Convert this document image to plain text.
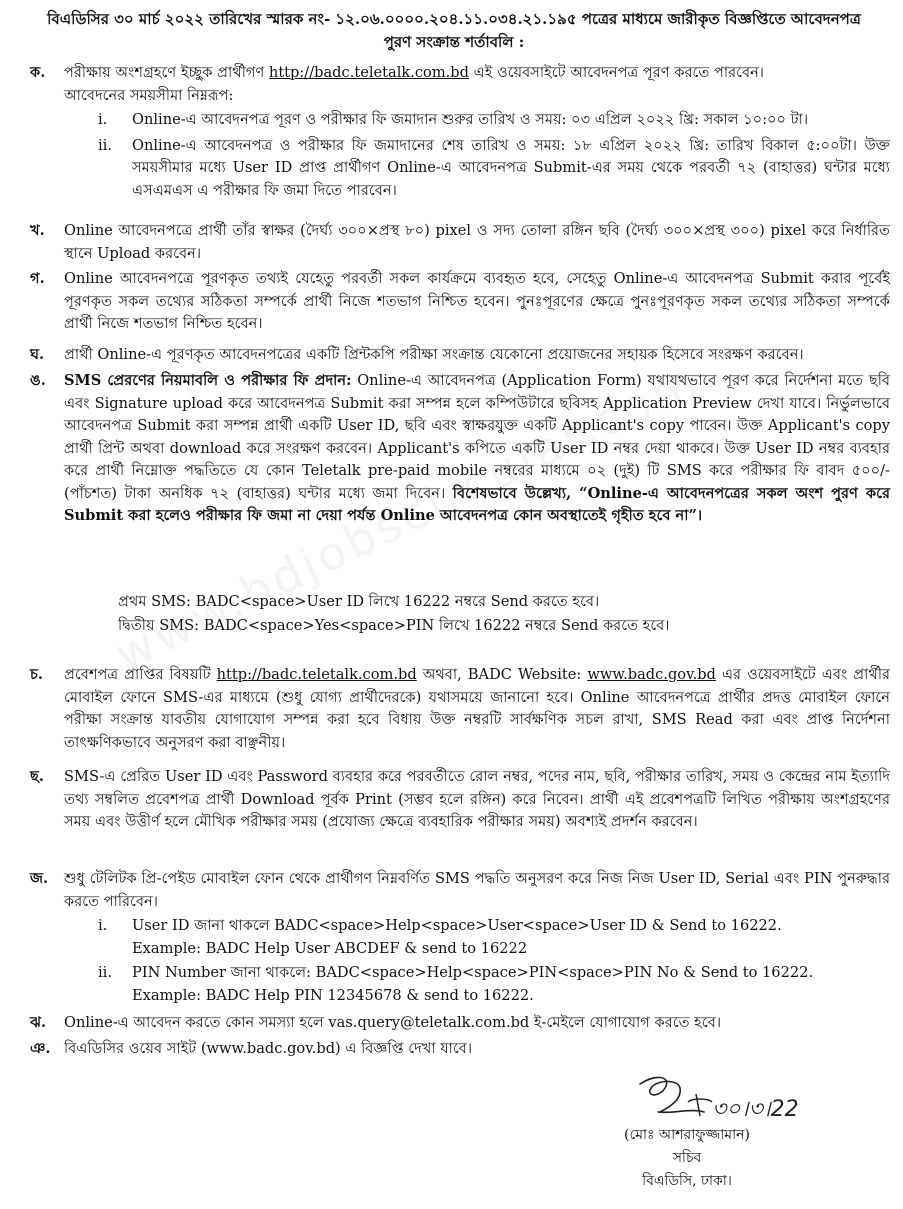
বিএডিসির ৩০ মার্চ ২০২২ তারিখের স্মারক নং- ১২.০৬.০০০০.২০৪.১১.০৩৪.২১.১৯৫ পত্রের মাধ্যমে জারীকৃত বিজ্ঞপ্তিতে আবেদনপত্র
পুরণ সংক্রান্ত শর্তাবলি :
ক. পরীক্ষায় অংশগ্রহণে ইচ্ছুক প্রার্থীগণ http://badc.teletalk.com.bd এই ওয়েবসাইটে আবেদনপত্র পূরণ করতে পারবেন।
আবেদনের সময়সীমা নিম্নরূপ:
i. Online-এ আবেদনপত্র পূরণ ও পরীক্ষার ফি জমাদান শুরুর তারিখ ও সময়: ০৩ এপ্রিল ২০২২ খ্রি: সকাল ১০:০০ টা।
ii. Online-এ আবেদনপত্র ও পরীক্ষার ফি জমাদানের শেষ তারিখ ও সময়: ১৮ এপ্রিল ২০২২ খ্রি: তারিখ বিকাল ৫:০০টা। উক্ত সময়সীমার মধ্যে User ID প্রাপ্ত প্রার্থীগণ Online-এ আবেদনপত্র Submit-এর সময় থেকে পরবর্তী ৭২ (বাহাত্তর) ঘন্টার মধ্যে এসএমএস এ পরীক্ষার ফি জমা দিতে পারবেন।
খ. Online আবেদনপত্রে প্রার্থী তাঁর স্বাক্ষর (দৈর্ঘ্য ৩০০×প্রস্থ ৮০) pixel ও সদ্য তোলা রঙ্গিন ছবি (দৈর্ঘ্য ৩০০×প্রস্থ ৩০০) pixel করে নির্ধারিত স্থানে Upload করবেন।
গ. Online আবেদনপত্রে পূরণকৃত তথ্যই যেহেতু পরবর্তী সকল কার্যক্রমে ব্যবহৃত হবে, সেহেতু Online-এ আবেদনপত্র Submit করার পূর্বেই পূরণকৃত সকল তথ্যের সঠিকতা সম্পর্কে প্রার্থী নিজে শতভাগ নিশ্চিত হবেন। পুনঃপূরণের ক্ষেত্রে পুনঃপূরণকৃত সকল তথ্যের সঠিকতা সম্পর্কে প্রার্থী নিজে শতভাগ নিশ্চিত হবেন।
ঘ. প্রার্থী Online-এ পূরণকৃত আবেদনপত্রের একটি প্রিন্টকপি পরীক্ষা সংক্রান্ত যেকোনো প্রয়োজনের সহায়ক হিসেবে সংরক্ষণ করবেন।
ঙ. SMS প্রেরণের নিয়মাবলি ও পরীক্ষার ফি প্রদান: Online-এ আবেদনপত্র (Application Form) যথাযথভাবে পূরণ করে নির্দেশনা মতে ছবি এবং Signature upload করে আবেদনপত্র Submit করা সম্পন্ন হলে কম্পিউটারে ছবিসহ Application Preview দেখা যাবে। নির্ভুলভাবে আবেদনপত্র Submit করা সম্পন্ন প্রার্থী একটি User ID, ছবি এবং স্বাক্ষরযুক্ত একটি Applicant's copy পাবেন। উক্ত Applicant's copy প্রার্থী প্রিন্ট অথবা download করে সংরক্ষণ করবেন। Applicant's কপিতে একটি User ID নম্বর দেয়া থাকবে। উক্ত User ID নম্বর ব্যবহার করে প্রার্থী নিম্নোক্ত পদ্ধতিতে যে কোন Teletalk pre-paid mobile নম্বরের মাধ্যমে ০২ (দুই) টি SMS করে পরীক্ষার ফি বাবদ ৫০০/- (পাঁচশত) টাকা অনধিক ৭২ (বাহাত্তর) ঘন্টার মধ্যে জমা দিবেন। বিশেষভাবে উল্লেখ্য, “Online-এ আবেদনপত্রের সকল অংশ পুরণ করে Submit করা হলেও পরীক্ষার ফি জমা না দেয়া পর্যন্ত Online আবেদনপত্র কোন অবস্থাতেই গৃহীত হবে না”।
প্রথম SMS: BADC<space>User ID লিখে 16222 নম্বরে Send করতে হবে।
দ্বিতীয় SMS: BADC<space>Yes<space>PIN লিখে 16222 নম্বরে Send করতে হবে।
চ. প্রবেশপত্র প্রাপ্তির বিষয়টি http://badc.teletalk.com.bd অথবা, BADC Website: www.badc.gov.bd এর ওয়েবসাইটে এবং প্রার্থীর মোবাইল ফোনে SMS-এর মাধ্যমে (শুধু যোগ্য প্রার্থীদেরকে) যথাসময়ে জানানো হবে। Online আবেদনপত্রে প্রার্থীর প্রদত্ত মোবাইল ফোনে পরীক্ষা সংক্রান্ত যাবতীয় যোগাযোগ সম্পন্ন করা হবে বিধায় উক্ত নম্বরটি সার্বক্ষণিক সচল রাখা, SMS Read করা এবং প্রাপ্ত নির্দেশনা তাৎক্ষণিকভাবে অনুসরণ করা বাঞ্ছনীয়।
ছ. SMS-এ প্রেরিত User ID এবং Password ব্যবহার করে পরবর্তীতে রোল নম্বর, পদের নাম, ছবি, পরীক্ষার তারিখ, সময় ও কেন্দ্রের নাম ইত্যাদি তথ্য সম্বলিত প্রবেশপত্র প্রার্থী Download পূর্বক Print (সম্ভব হলে রঙ্গিন) করে নিবেন। প্রার্থী এই প্রবেশপত্রটি লিখিত পরীক্ষায় অংশগ্রহণের সময় এবং উত্তীর্ণ হলে মৌখিক পরীক্ষার সময় (প্রযোজ্য ক্ষেত্রে ব্যবহারিক পরীক্ষার সময়) অবশ্যই প্রদর্শন করবেন।
জ. শুধু টেলিটক প্রি-পেইড মোবাইল ফোন থেকে প্রার্থীগণ নিম্নবর্ণিত SMS পদ্ধতি অনুসরণ করে নিজ নিজ User ID, Serial এবং PIN পুনরুদ্ধার করতে পারিবেন।
i. User ID জানা থাকলে BADC<space>Help<space>User<space>User ID & Send to 16222.
Example: BADC Help User ABCDEF & send to 16222
ii. PIN Number জানা থাকলে: BADC<space>Help<space>PIN<space>PIN No & Send to 16222.
Example: BADC Help PIN 12345678 & send to 16222.
ঝ. Online-এ আবেদন করতে কোন সমস্যা হলে vas.query@teletalk.com.bd ই-মেইলে যোগাযোগ করতে হবে।
ঞ. বিএডিসির ওয়েব সাইট (www.badc.gov.bd) এ বিজ্ঞপ্তি দেখা যাবে।
৩০।৩।22
(মোঃ আশরাফুজ্জামান)
সচিব
বিএডিসি, ঢাকা।
